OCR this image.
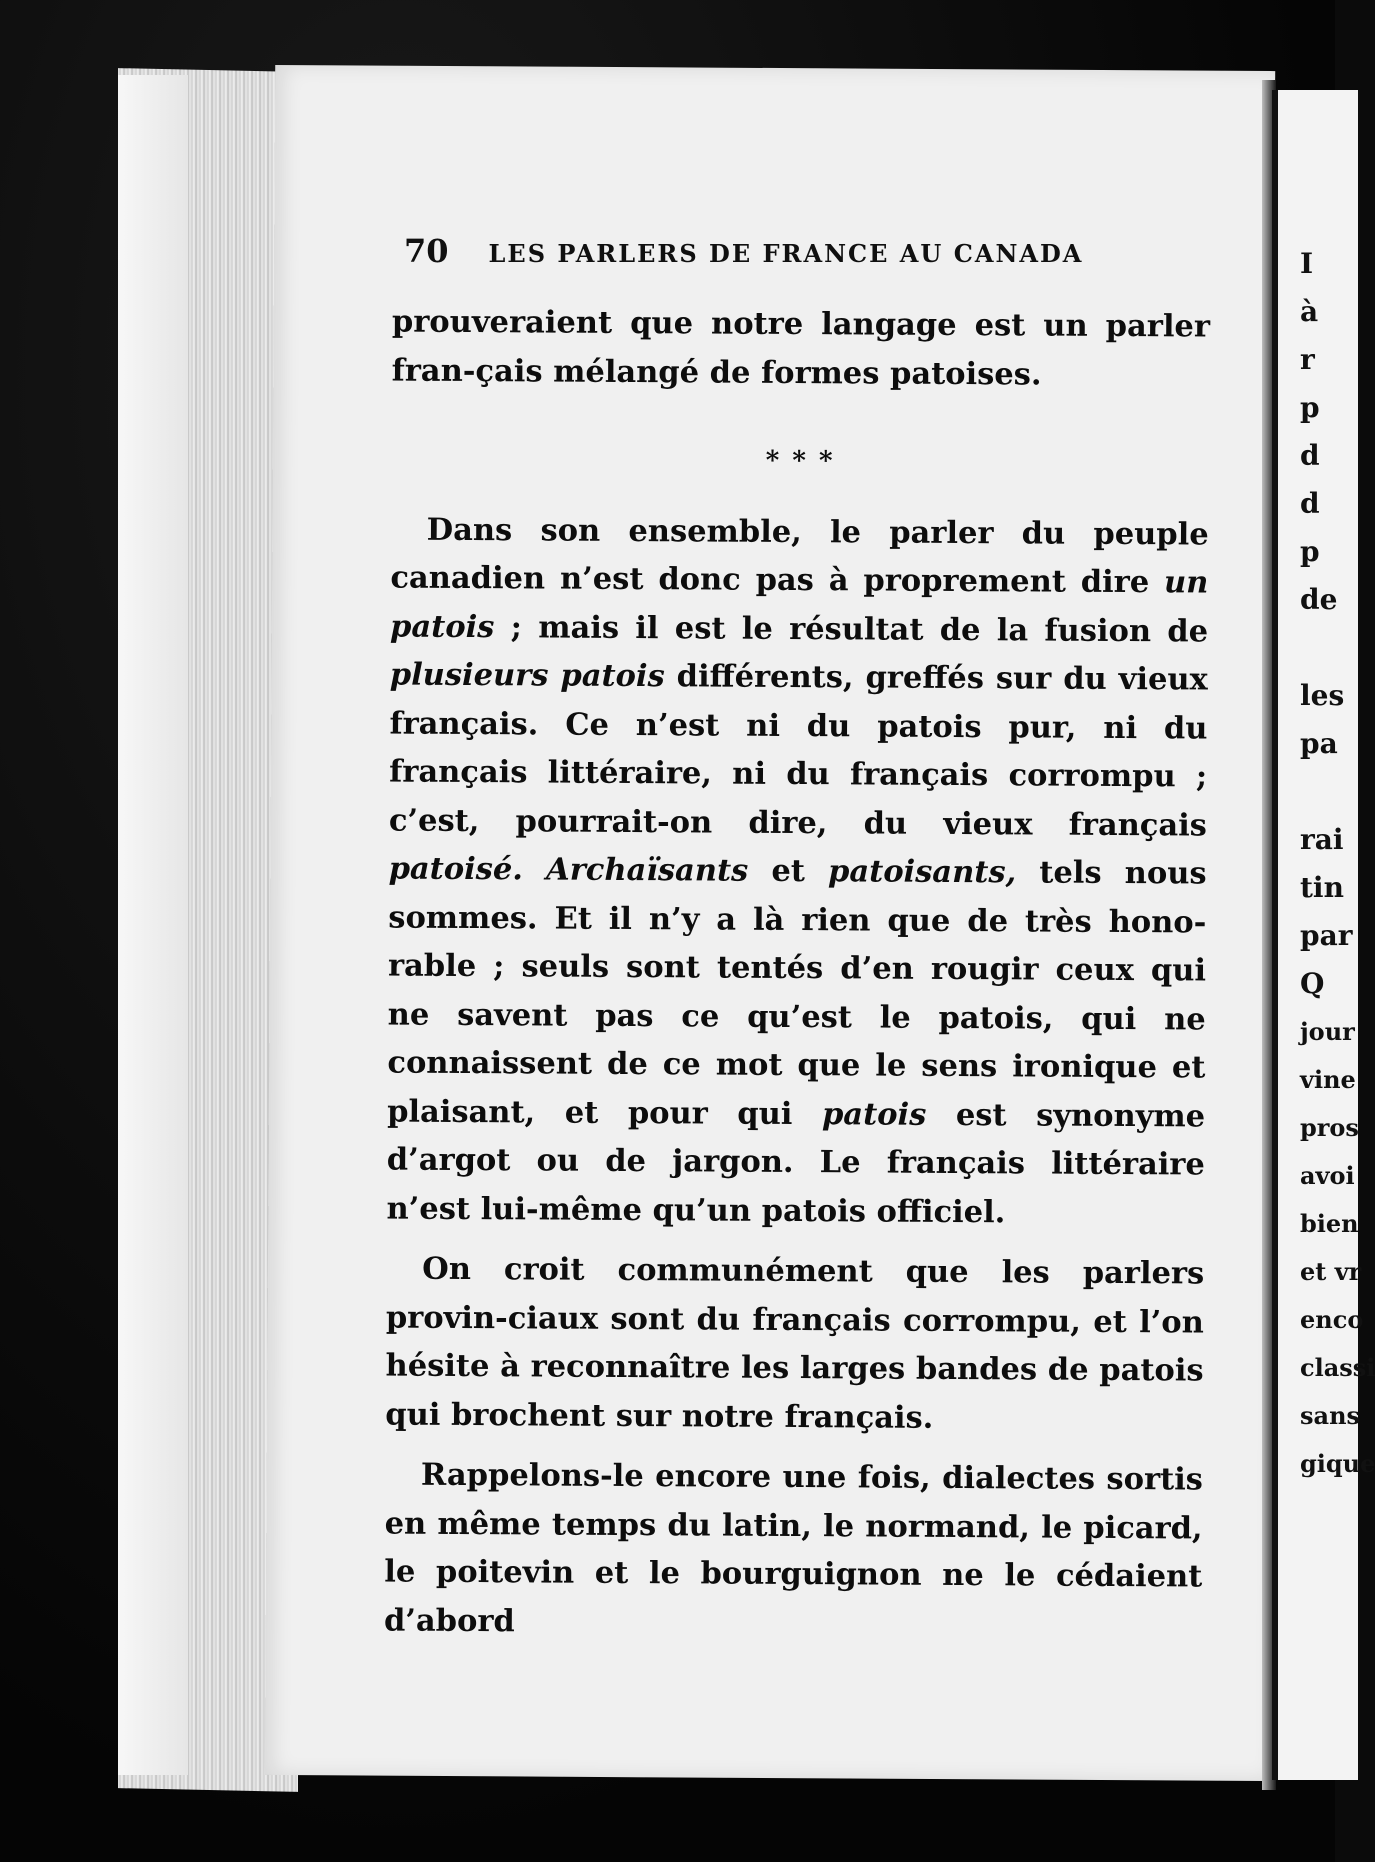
70 LES PARLERS DE FRANCE AU CANADA

prouveraient que notre langage est un parler fran-çais mélangé de formes patoises.

* * *

Dans son ensemble, le parler du peuple canadien n’est donc pas à proprement dire un patois ; mais il est le résultat de la fusion de plusieurs patois différents, greffés sur du vieux français. Ce n’est ni du patois pur, ni du français littéraire, ni du français corrompu ; c’est, pourrait-on dire, du vieux français patoisé. Archaïsants et patoisants, tels nous sommes. Et il n’y a là rien que de très hono-rable ; seuls sont tentés d’en rougir ceux qui ne savent pas ce qu’est le patois, qui ne connaissent de ce mot que le sens ironique et plaisant, et pour qui patois est synonyme d’argot ou de jargon. Le français littéraire n’est lui-même qu’un patois officiel.

On croit communément que les parlers provin-ciaux sont du français corrompu, et l’on hésite à reconnaître les larges bandes de patois qui brochent sur notre français.

Rappelons-le encore une fois, dialectes sortis en même temps du latin, le normand, le picard, le poitevin et le bourguignon ne le cédaient d’abord

I
à
r
p
d
d
p
de
les
pa
rai
tin
par
Q
jour
vine
pros
avoi
bien
et vr
enco
classi
sans
gique
